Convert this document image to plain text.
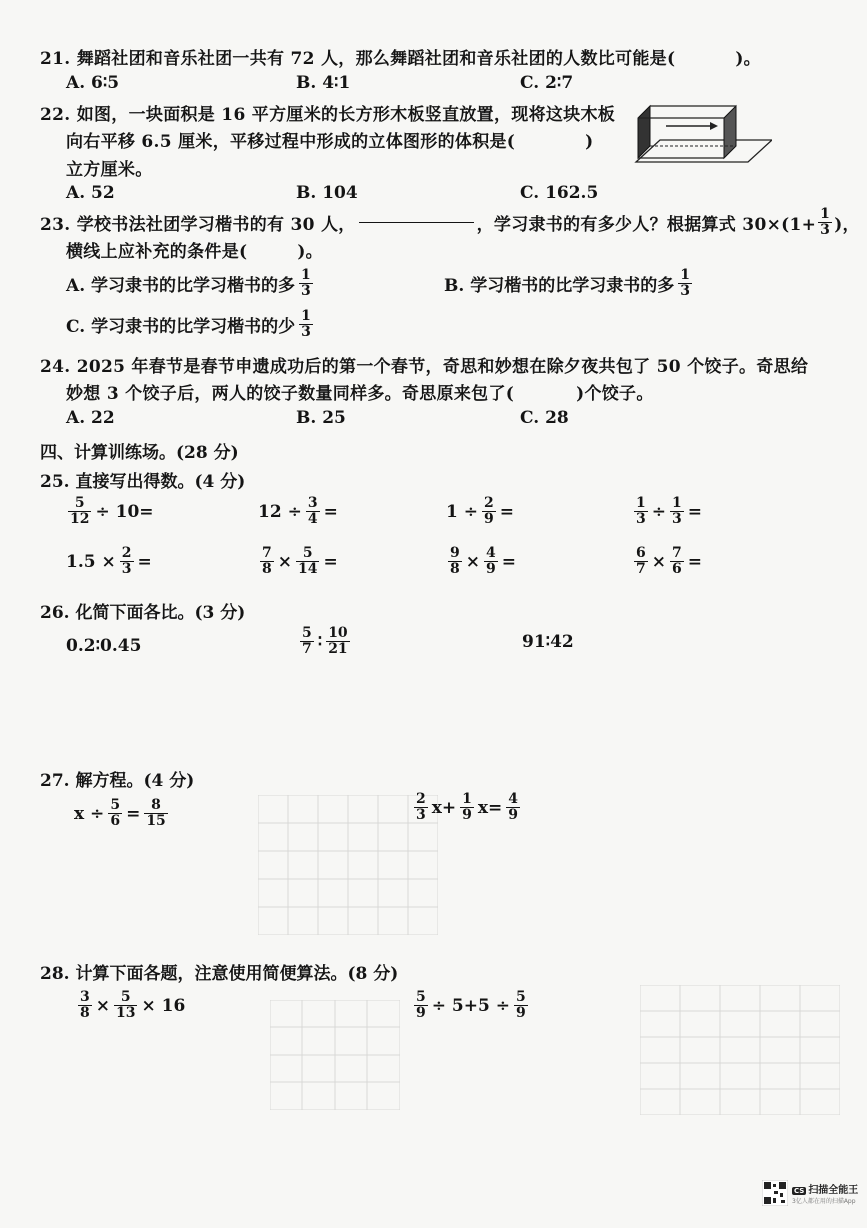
21. 舞蹈社团和音乐社团一共有 72 人，那么舞蹈社团和音乐社团的人数比可能是(	)。
A. 6∶5	B. 4∶1	C. 2∶7
22. 如图，一块面积是 16 平方厘米的长方形木板竖直放置，现将这块木板
向右平移 6.5 厘米，平移过程中形成的立体图形的体积是(	)
立方厘米。
A. 52	B. 104	C. 162.5
23. 学校书法社团学习楷书的有 30 人，	，学习隶书的有多少人？根据算式 $30\times(1+ \frac{1}{3}$ )，
横线上应补充的条件是(	)。
A. 学习隶书的比学习楷书的多 $\frac{1}{3}$	B. 学习楷书的比学习隶书的多 $\frac{1}{3}$
C. 学习隶书的比学习楷书的少 $\frac{1}{3}$
24. 2025 年春节是春节申遗成功后的第一个春节，奇思和妙想在除夕夜共包了 50 个饺子。奇思给
妙想 3 个饺子后，两人的饺子数量同样多。奇思原来包了(	)个饺子。
A. 22	B. 25	C. 28
四、计算训练场。(28 分)
25. 直接写出得数。(4 分)
$\frac{5}{12} \div 10=$	$12 \div \frac{3}{4}$ =	$1 \div \frac{2}{9}$ =	$\frac{1}{3} \div \frac{1}{3}$ =
$1.5 \times \frac{2}{3}$ =	$\frac{7}{8} \times \frac{5}{14}$ =	$\frac{9}{8} \times \frac{4}{9}$ =	$\frac{6}{7} \times \frac{7}{6}$ =
26. 化简下面各比。(3 分)
0.2∶0.45	$\frac{5}{7}$ ∶ $\frac{10}{21}$	91∶42
27. 解方程。(4 分)
$x \div \frac{5}{6} = \frac{8}{15}$	$\frac{2}{3} x+ \frac{1}{9} x= \frac{4}{9}$
28. 计算下面各题，注意使用简便算法。(8 分)
$\frac{3}{8} \times \frac{5}{13} \times 16$	$\frac{5}{9} \div 5+5 \div \frac{5}{9}$
CS 扫描全能王
3亿人都在用的扫描App
